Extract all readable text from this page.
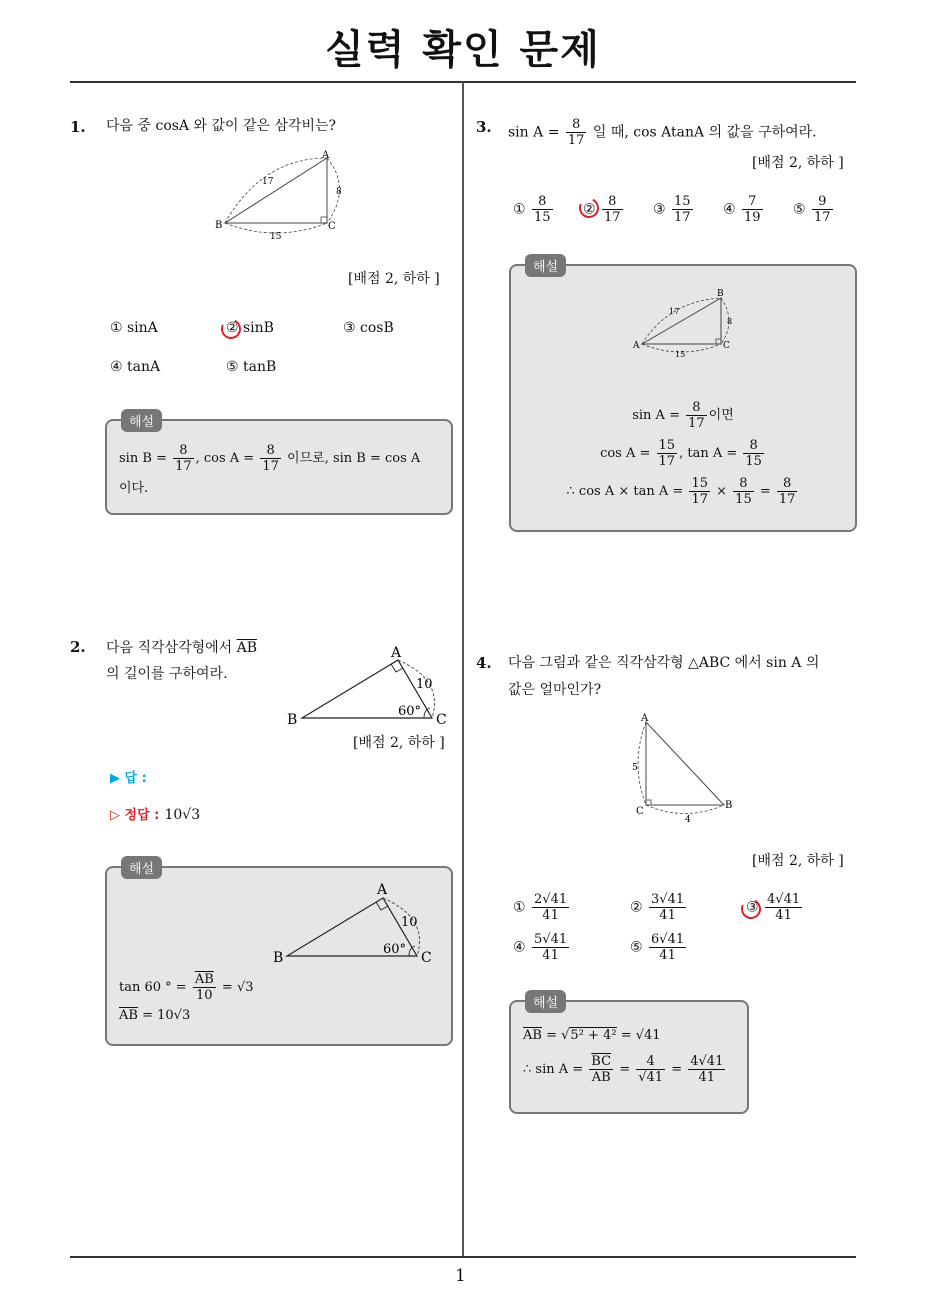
실력 확인 문제
1
1. 다음 중 cosA 와 값이 같은 삼각비는?
A
B	C
17
8
15
[배점 2, 하하 ]
① sinA	② sinB	③ cosB
④ tanA	⑤ tanB
$\sin B = \frac{8}{17}$ , $\cos A = \frac{8}{17}$ 이므로, sin B = cos A
이다.
해설
2. 다음 직각삼각형에서 $\overline{AB}$
의 길이를 구하여라.
A
B	C
10
60°
[배점 2, 하하 ]
▶ 답 :
▷ 정답 : 10√3
A
B	C
10
60°
tan 60 ° = $\frac{\overline{AB}}{10} = √3$
$\overline{AB} = 10√3$
해설
3. $\sin A = \frac{8}{17}$ 일 때, cos AtanA 의 값을 구하여라.
[배점 2, 하하 ]
① $\frac{8}{15}$ ② $\frac{8}{17}$ ③ $\frac{15}{17}$ ④ $\frac{7}{19}$ ⑤ $\frac{9}{17}$
B
A	C
17
8
15
$\sin A = \frac{8}{17}$ 이면
$\cos A = \frac{15}{17}$ , $\tan A = \frac{8}{15}$
∴ $\cos A \times \tan A = \frac{15}{17} \times \frac{8}{15} = \frac{8}{17}$
해설
4. 다음 그림과 같은 직각삼각형 △ABC 에서 sin A 의
값은 얼마인가?
A
B
C
5
4
[배점 2, 하하 ]
① $\frac{2√41}{41}$	② $\frac{3√41}{41}$	③ $\frac{4√41}{41}$
④ $\frac{5√41}{41}$	⑤ $\frac{6√41}{41}$
$\overline{AB} = √5^2 + 4^2 = √41$
∴ $\sin A = \frac{\overline{BC}}{AB} = \frac{4}{√41} = \frac{4√41}{41}$
해설
